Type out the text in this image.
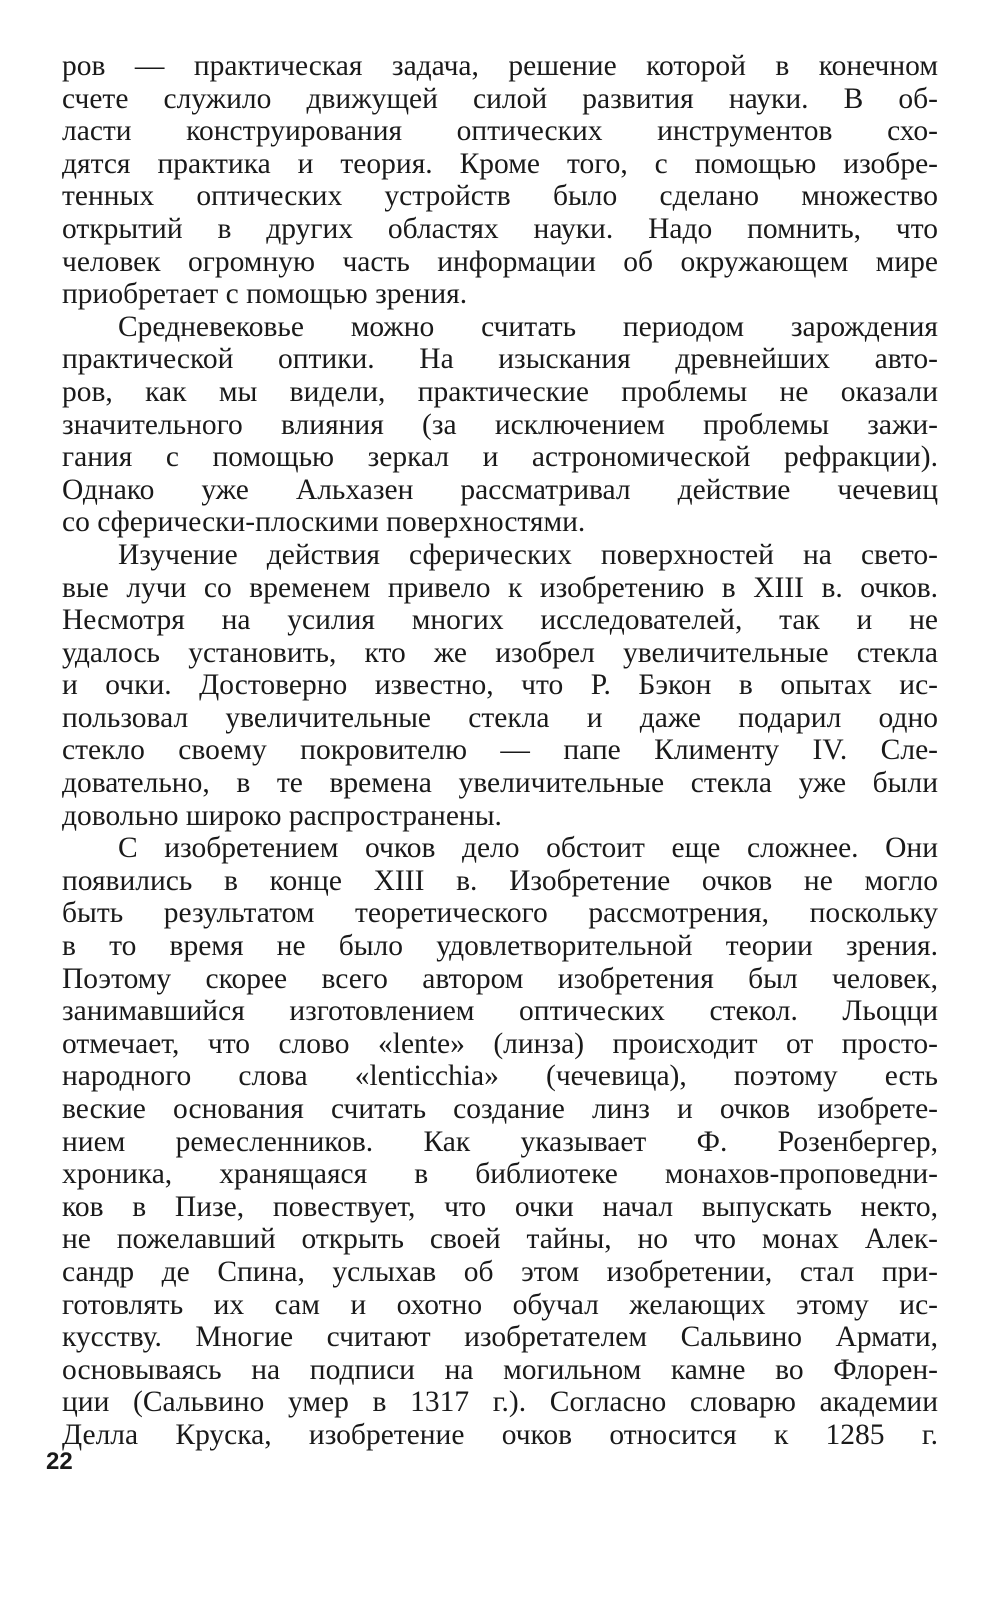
ров — практическая задача, решение которой в конечном
счете служило движущей силой развития науки. В об-
ласти конструирования оптических инструментов схо-
дятся практика и теория. Кроме того, с помощью изобре-
тенных оптических устройств было сделано множество
открытий в других областях науки. Надо помнить, что
человек огромную часть информации об окружающем мире
приобретает с помощью зрения.
Средневековье можно считать периодом зарождения
практической оптики. На изыскания древнейших авто-
ров, как мы видели, практические проблемы не оказали
значительного влияния (за исключением проблемы зажи-
гания с помощью зеркал и астрономической рефракции).
Однако уже Альхазен рассматривал действие чечевиц
со сферически-плоскими поверхностями.
Изучение действия сферических поверхностей на свето-
вые лучи со временем привело к изобретению в XIII в. очков.
Несмотря на усилия многих исследователей, так и не
удалось установить, кто же изобрел увеличительные стекла
и очки. Достоверно известно, что Р. Бэкон в опытах ис-
пользовал увеличительные стекла и даже подарил одно
стекло своему покровителю — папе Клименту IV. Сле-
довательно, в те времена увеличительные стекла уже были
довольно широко распространены.
С изобретением очков дело обстоит еще сложнее. Они
появились в конце XIII в. Изобретение очков не могло
быть результатом теоретического рассмотрения, поскольку
в то время не было удовлетворительной теории зрения.
Поэтому скорее всего автором изобретения был человек,
занимавшийся изготовлением оптических стекол. Льоцци
отмечает, что слово «lente» (линза) происходит от просто-
народного слова «lenticchia» (чечевица), поэтому есть
веские основания считать создание линз и очков изобрете-
нием ремесленников. Как указывает Ф. Розенбергер,
хроника, хранящаяся в библиотеке монахов-проповедни-
ков в Пизе, повествует, что очки начал выпускать некто,
не пожелавший открыть своей тайны, но что монах Алек-
сандр де Спина, услыхав об этом изобретении, стал при-
готовлять их сам и охотно обучал желающих этому ис-
кусству. Многие считают изобретателем Сальвино Армати,
основываясь на подписи на могильном камне во Флорен-
ции (Сальвино умер в 1317 г.). Согласно словарю академии
Делла Круска, изобретение очков относится к 1285 г.
22
